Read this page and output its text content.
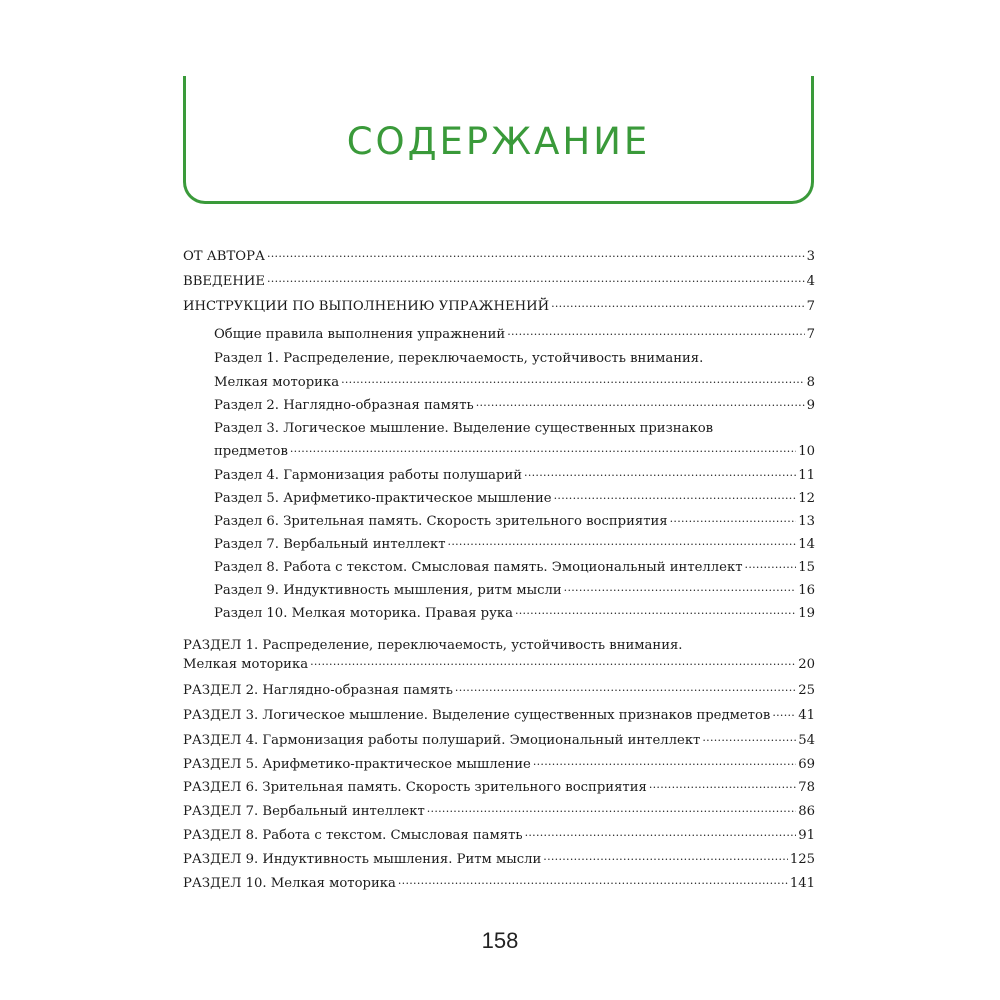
СОДЕРЖАНИЕ
ОТ АВТОРА . . .	3
ВВЕДЕНИЕ . . .	4
ИНСТРУКЦИИ ПО ВЫПОЛНЕНИЮ УПРАЖНЕНИЙ . . .	7
Общие правила выполнения упражнений . . .	7
Раздел 1. Распределение, переключаемость, устойчивость внимания.
Мелкая моторика . . .	8
Раздел 2. Наглядно-образная память . . .	9
Раздел 3. Логическое мышление. Выделение существенных признаков
предметов . . .	10
Раздел 4. Гармонизация работы полушарий . . .	11
Раздел 5. Арифметико-практическое мышление . . .	12
Раздел 6. Зрительная память. Скорость зрительного восприятия . . .	13
Раздел 7. Вербальный интеллект . . .	14
Раздел 8. Работа с текстом. Смысловая память. Эмоциональный интеллект . . .	15
Раздел 9. Индуктивность мышления, ритм мысли . . .	16
Раздел 10. Мелкая моторика. Правая рука . . .	19
РАЗДЕЛ 1. Распределение, переключаемость, устойчивость внимания.
Мелкая моторика . . .	20
РАЗДЕЛ 2. Наглядно-образная память . . .	25
РАЗДЕЛ 3. Логическое мышление. Выделение существенных признаков предметов . . . 41
РАЗДЕЛ 4. Гармонизация работы полушарий. Эмоциональный интеллект . . .	54
РАЗДЕЛ 5. Арифметико-практическое мышление . . .	69
РАЗДЕЛ 6. Зрительная память. Скорость зрительного восприятия . . .	78
РАЗДЕЛ 7. Вербальный интеллект . . .	86
РАЗДЕЛ 8. Работа с текстом. Смысловая память . . .	91
РАЗДЕЛ 9. Индуктивность мышления. Ритм мысли . . .	125
РАЗДЕЛ 10. Мелкая моторика . . .	141
158
